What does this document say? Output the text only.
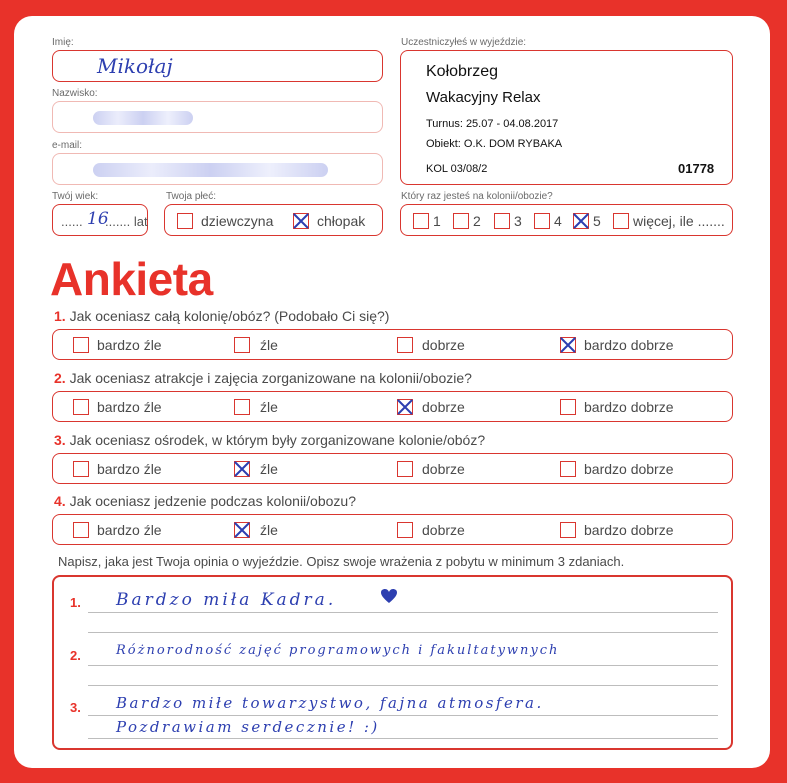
Imię:
Mikołaj
Nazwisko:
e-mail:
Twój wiek:
...... 16
....... lat
Twoja płeć:
dziewczyna	chłopak
Uczestniczyłeś w wyjeździe:
Kołobrzeg
Wakacyjny Relax
Turnus: 25.07 - 04.08.2017
Obiekt: O.K. DOM RYBAKA
KOL 03/08/2	01778
Który raz jesteś na kolonii/obozie?
1 2 3 4 5 więcej, ile .......
Ankieta
1. Jak oceniasz całą kolonię/obóz? (Podobało Ci się?)
bardzo źle	źle	dobrze	bardzo dobrze
2. Jak oceniasz atrakcje i zajęcia zorganizowane na kolonii/obozie?
bardzo źle	źle	dobrze	bardzo dobrze
3. Jak oceniasz ośrodek, w którym były zorganizowane kolonie/obóz?
bardzo źle	źle	dobrze	bardzo dobrze
4. Jak oceniasz jedzenie podczas kolonii/obozu?
bardzo źle	źle	dobrze	bardzo dobrze
Napisz, jaka jest Twoja opinia o wyjeździe. Opisz swoje wrażenia z pobytu w minimum 3 zdaniach.
1.
2.
3.
Bardzo miła Kadra.
Różnorodność zajęć programowych i fakultatywnych
Bardzo miłe towarzystwo, fajna atmosfera.
Pozdrawiam serdecznie! :)
